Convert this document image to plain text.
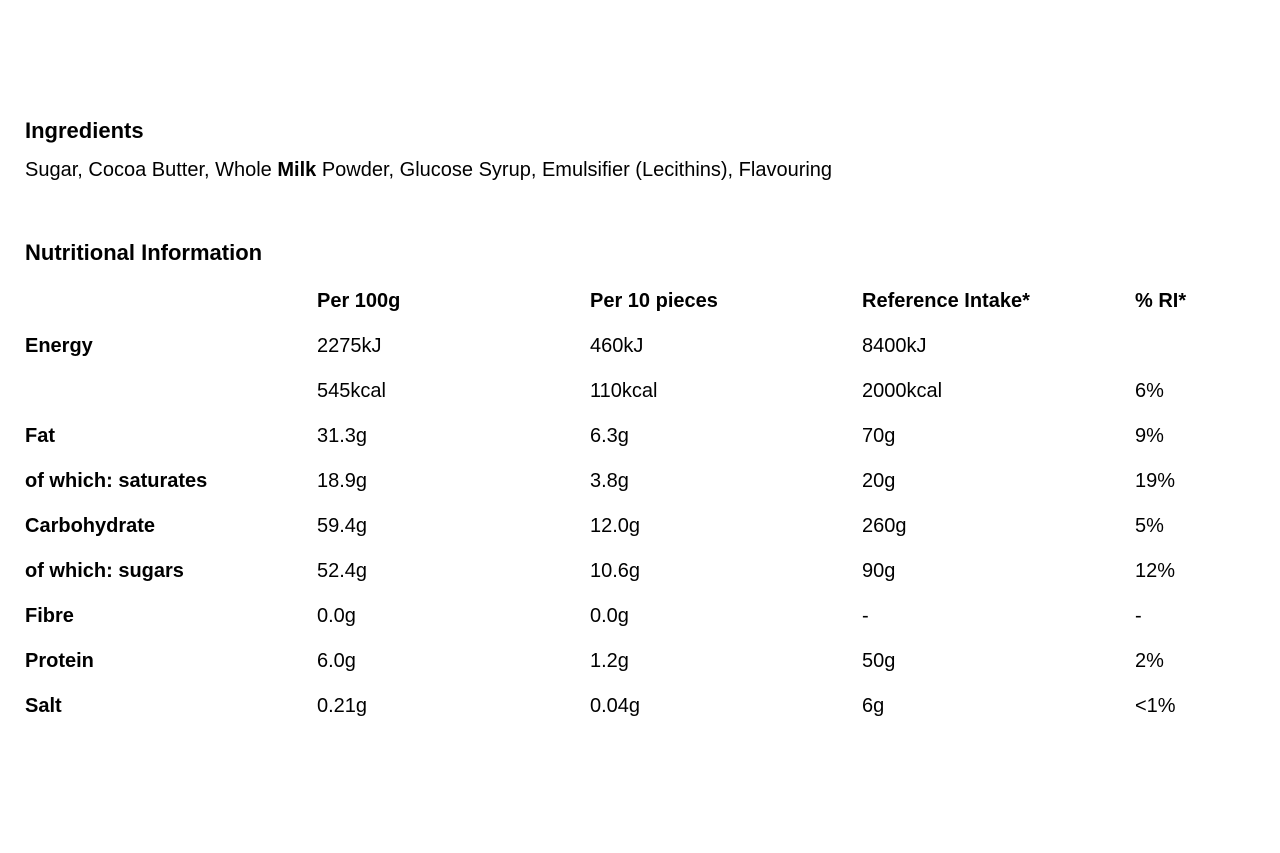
Ingredients

Sugar, Cocoa Butter, Whole Milk Powder, Glucose Syrup, Emulsifier (Lecithins), Flavouring

Nutritional Information
	Per 100g	Per 10 pieces	Reference Intake*	% RI*
Energy	2275kJ	460kJ	8400kJ	
	545kcal	110kcal	2000kcal	6%
Fat	31.3g	6.3g	70g	9%
of which: saturates	18.9g	3.8g	20g	19%
Carbohydrate	59.4g	12.0g	260g	5%
of which: sugars	52.4g	10.6g	90g	12%
Fibre	0.0g	0.0g	-	-
Protein	6.0g	1.2g	50g	2%
Salt	0.21g	0.04g	6g	<1%
